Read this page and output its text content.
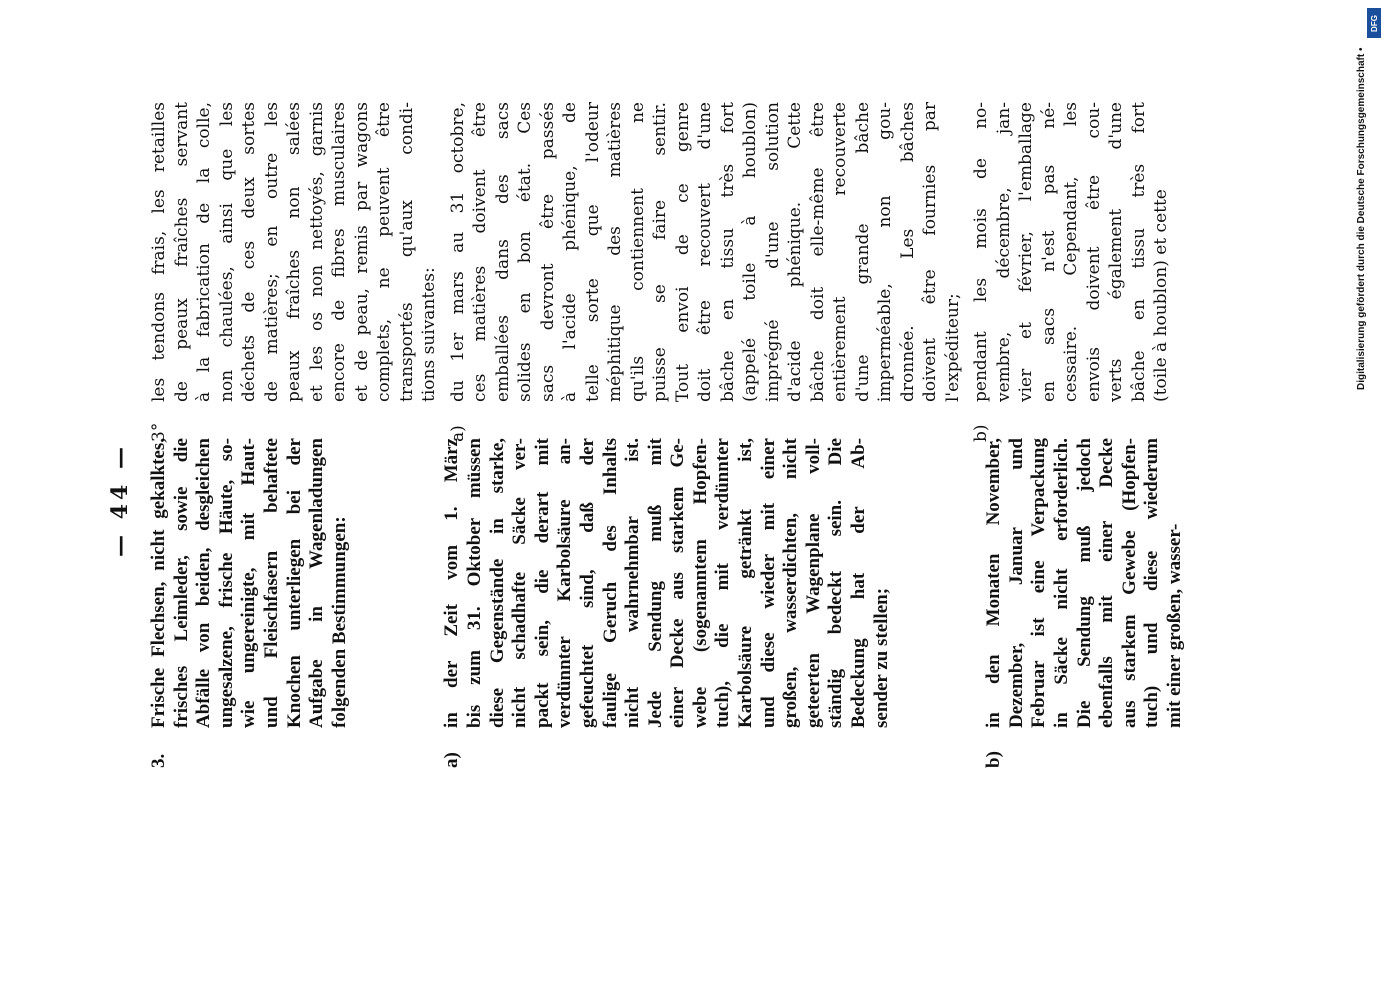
— 44 —
3.
Frische Flechsen, nicht gekalktes, frisches Leimleder, sowie die Abfälle von beiden, desgleichen ungesalzene, frische Häute, so- wie ungereinigte, mit Haut- und Fleischfasern behaftete Knochen unterliegen bei der Aufgabe in Wagenladungen folgenden Bestimmungen:
a)
in der Zeit vom 1. März bis zum 31. Oktober müssen diese Gegenstände in starke, nicht schadhafte Säcke ver- packt sein, die derart mit verdünnter Karbolsäure an- gefeuchtet sind, daß der faulige Geruch des Inhalts nicht wahrnehmbar ist. Jede Sendung muß mit einer Decke aus starkem Ge- webe (sogenanntem Hopfen- tuch), die mit verdünnter Karbolsäure getränkt ist, und diese wieder mit einer großen, wasserdichten, nicht geteerten Wagenplane voll- ständig bedeckt sein. Die Bedeckung hat der Ab- sender zu stellen;
b)
in den Monaten November, Dezember, Januar und Februar ist eine Verpackung in Säcke nicht erforderlich. Die Sendung muß jedoch ebenfalls mit einer Decke aus starkem Gewebe (Hopfen- tuch) und diese wiederum mit einer großen, wasser-
3°
les tendons frais, les retailles de peaux fraîches servant à la fabrication de la colle, non chaulées, ainsi que les déchets de ces deux sortes de matières; en outre les peaux fraîches non salées et les os non nettoyés, garnis encore de fibres musculaires et de peau, remis par wagons complets, ne peuvent être transportés qu'aux condi- tions suivantes:
a)
du 1er mars au 31 octobre, ces matières doivent être emballées dans des sacs solides en bon état. Ces sacs devront être passés à l'acide phénique, de telle sorte que l'odeur méphitique des matières qu'ils contiennent ne puisse se faire sentir. Tout envoi de ce genre doit être recouvert d'une bâche en tissu très fort (appelé toile à houblon) imprégné d'une solution d'acide phénique. Cette bâche doit elle-même être entièrement recouverte d'une grande bâche imperméable, non gou- dronnée. Les bâches doivent être fournies par l'expéditeur;
b)
pendant les mois de no- vembre, décembre, jan- vier et février, l'emballage en sacs n'est pas né- cessaire. Cependant, les envois doivent être cou- verts également d'une bâche en tissu très fort (toile à houblon) et cette	Digitalisierung gefördert durch die Deutsche Forschungsgemeinschaft •
DFG
